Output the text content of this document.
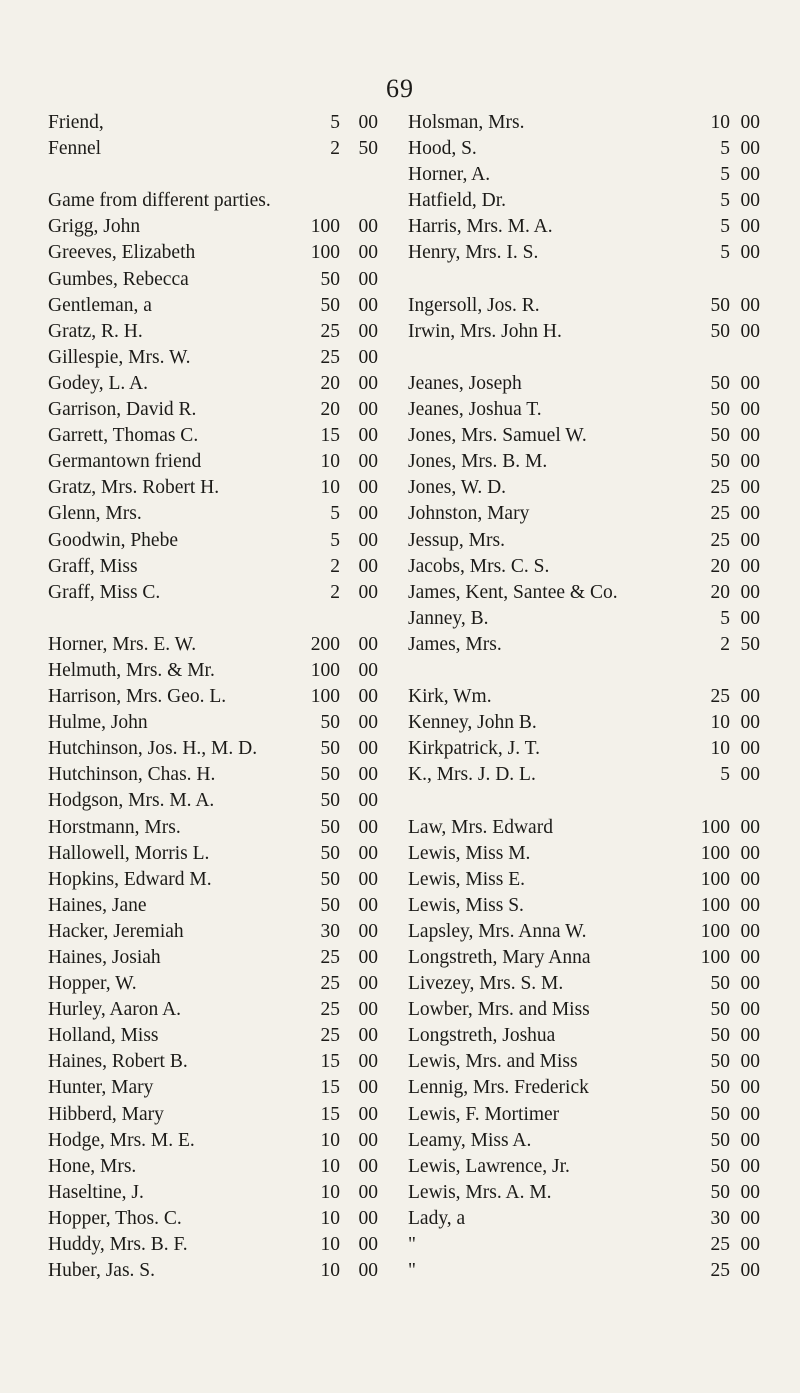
69
Friend,	5 00
Fennel	2 50
Game from different parties.
Grigg, John	100 00
Greeves, Elizabeth	100 00
Gumbes, Rebecca	50 00
Gentleman, a	50 00
Gratz, R. H.	25 00
Gillespie, Mrs. W.	25 00
Godey, L. A.	20 00
Garrison, David R.	20 00
Garrett, Thomas C.	15 00
Germantown friend	10 00
Gratz, Mrs. Robert H.	10 00
Glenn, Mrs.	5 00
Goodwin, Phebe	5 00
Graff, Miss	2 00
Graff, Miss C.	2 00
Horner, Mrs. E. W.	200 00
Helmuth, Mrs. & Mr.	100 00
Harrison, Mrs. Geo. L.	100 00
Hulme, John	50 00
Hutchinson, Jos. H., M. D.	50 00
Hutchinson, Chas. H.	50 00
Hodgson, Mrs. M. A.	50 00
Horstmann, Mrs.	50 00
Hallowell, Morris L.	50 00
Hopkins, Edward M.	50 00
Haines, Jane	50 00
Hacker, Jeremiah	30 00
Haines, Josiah	25 00
Hopper, W.	25 00
Hurley, Aaron A.	25 00
Holland, Miss	25 00
Haines, Robert B.	15 00
Hunter, Mary	15 00
Hibberd, Mary	15 00
Hodge, Mrs. M. E.	10 00
Hone, Mrs.	10 00
Haseltine, J.	10 00
Hopper, Thos. C.	10 00
Huddy, Mrs. B. F.	10 00
Huber, Jas. S.	10 00
Holsman, Mrs.	10 00
Hood, S.	5 00
Horner, A.	5 00
Hatfield, Dr.	5 00
Harris, Mrs. M. A.	5 00
Henry, Mrs. I. S.	5 00
Ingersoll, Jos. R.	50 00
Irwin, Mrs. John H.	50 00
Jeanes, Joseph	50 00
Jeanes, Joshua T.	50 00
Jones, Mrs. Samuel W.	50 00
Jones, Mrs. B. M.	50 00
Jones, W. D.	25 00
Johnston, Mary	25 00
Jessup, Mrs.	25 00
Jacobs, Mrs. C. S.	20 00
James, Kent, Santee & Co.	20 00
Janney, B.	5 00
James, Mrs.	2 50
Kirk, Wm.	25 00
Kenney, John B.	10 00
Kirkpatrick, J. T.	10 00
K., Mrs. J. D. L.	5 00
Law, Mrs. Edward	100 00
Lewis, Miss M.	100 00
Lewis, Miss E.	100 00
Lewis, Miss S.	100 00
Lapsley, Mrs. Anna W.	100 00
Longstreth, Mary Anna	100 00
Livezey, Mrs. S. M.	50 00
Lowber, Mrs. and Miss	50 00
Longstreth, Joshua	50 00
Lewis, Mrs. and Miss	50 00
Lennig, Mrs. Frederick	50 00
Lewis, F. Mortimer	50 00
Leamy, Miss A.	50 00
Lewis, Lawrence, Jr.	50 00
Lewis, Mrs. A. M.	50 00
Lady, a	30 00
"	25 00
"	25 00
